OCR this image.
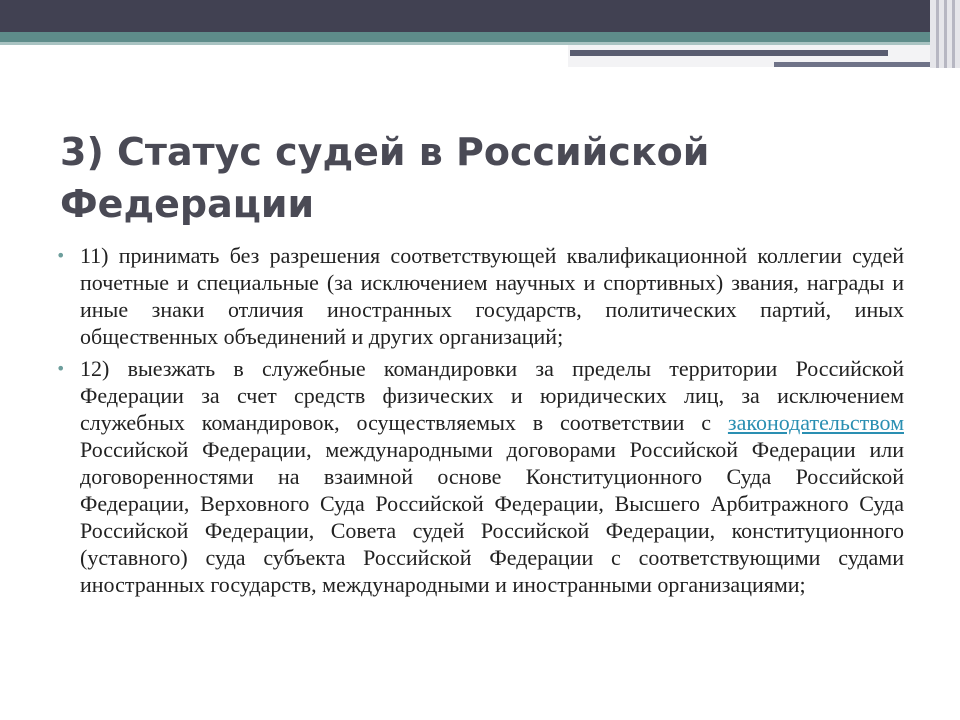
3) Статус судей в Российской Федерации

• 11) принимать без разрешения соответствующей квалификационной коллегии судей почетные и специальные (за исключением научных и спортивных) звания, награды и иные знаки отличия иностранных государств, политических партий, иных общественных объединений и других организаций;

• 12) выезжать в служебные командировки за пределы территории Российской Федерации за счет средств физических и юридических лиц, за исключением служебных командировок, осуществляемых в соответствии с законодательством Российской Федерации, международными договорами Российской Федерации или договоренностями на взаимной основе Конституционного Суда Российской Федерации, Верховного Суда Российской Федерации, Высшего Арбитражного Суда Российской Федерации, Совета судей Российской Федерации, конституционного (уставного) суда субъекта Российской Федерации с соответствующими судами иностранных государств, международными и иностранными организациями;
